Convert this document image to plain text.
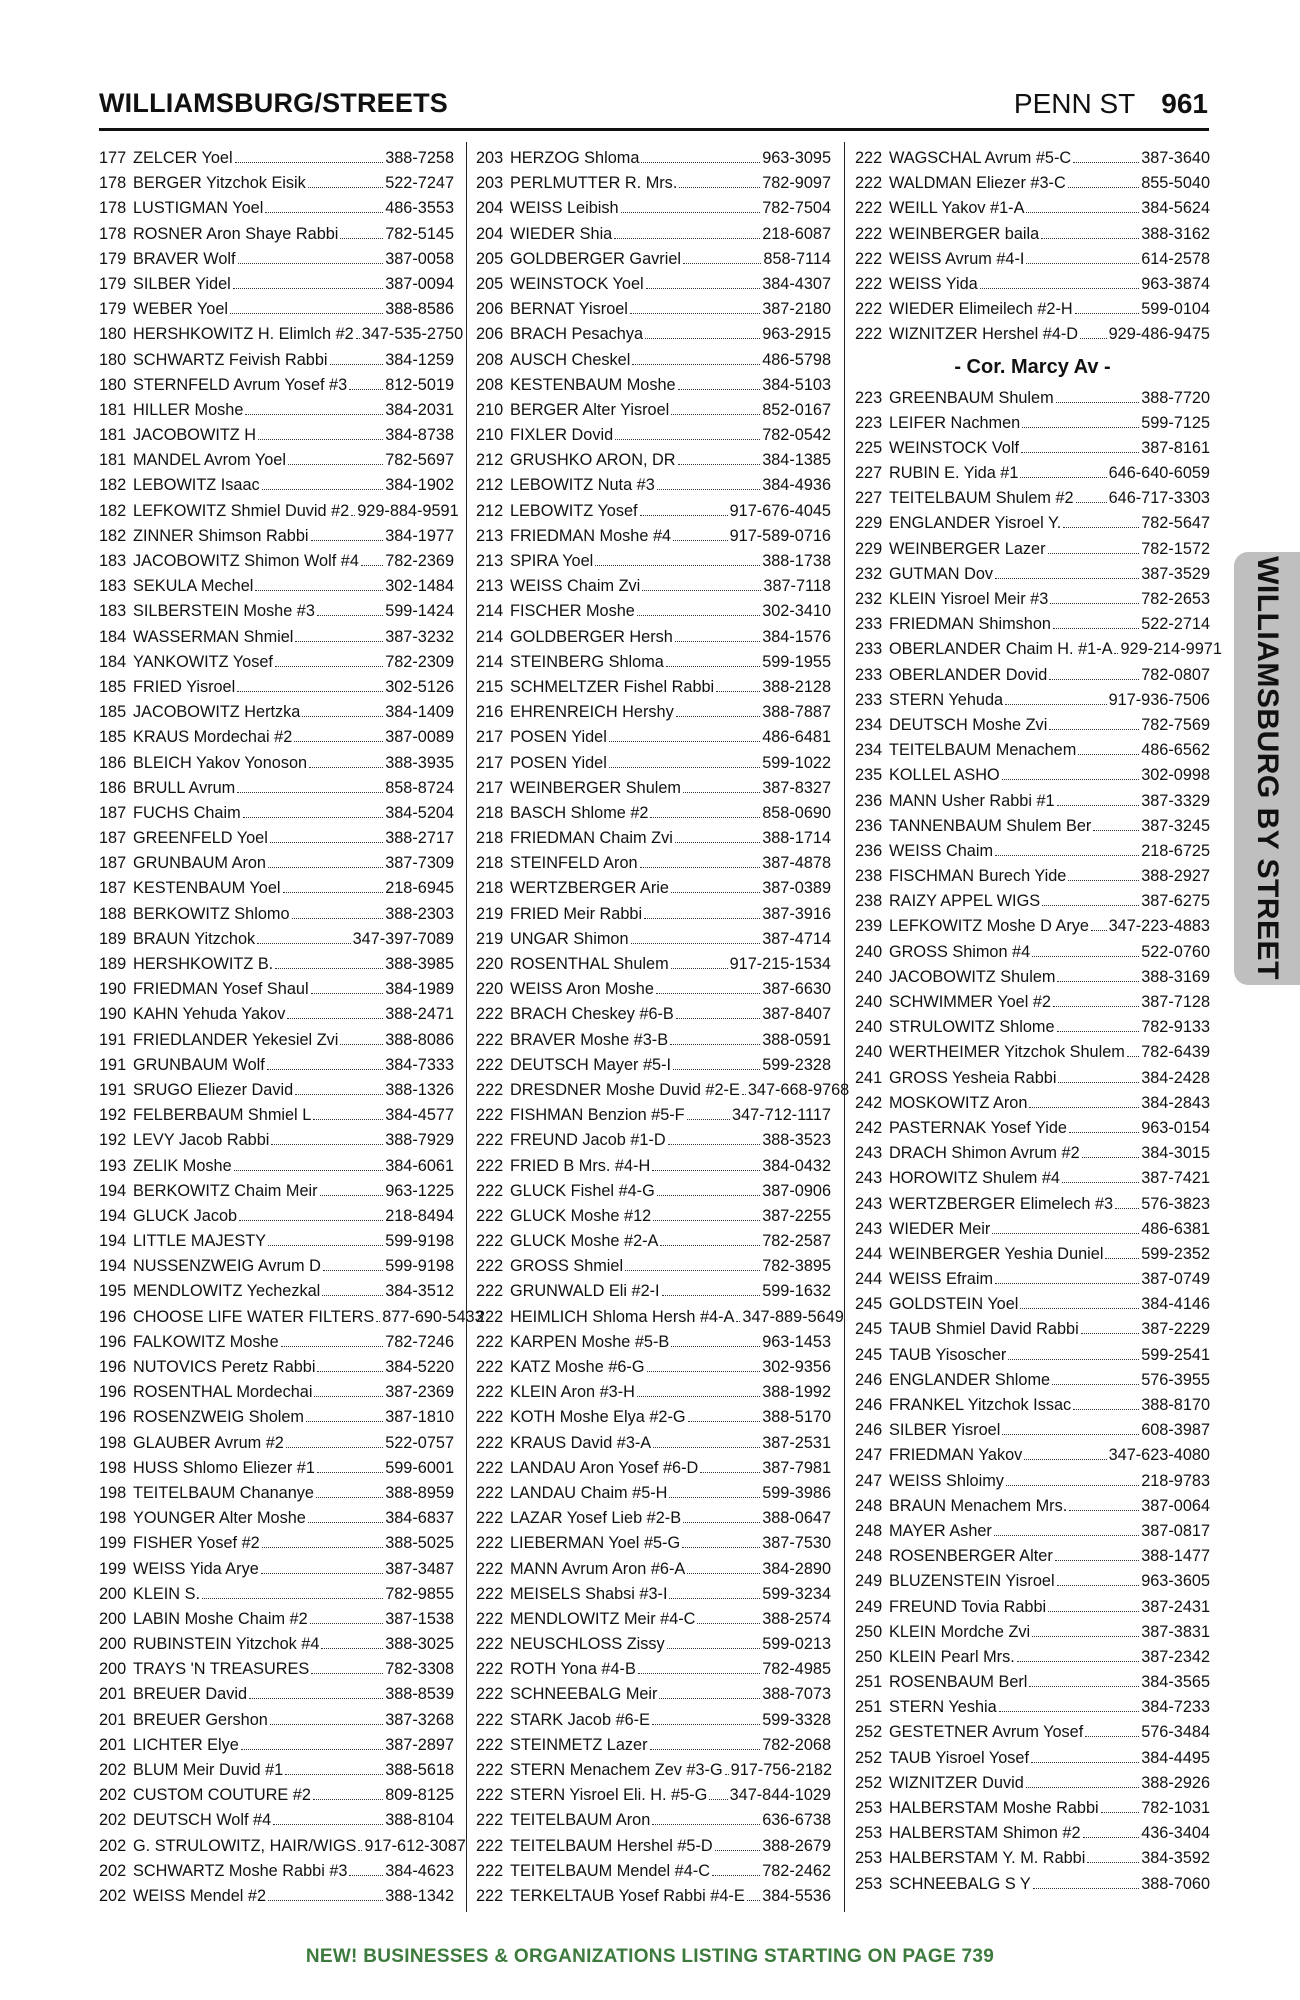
WILLIAMSBURG/STREETS	PENN ST 961
177 ZELCER Yoel	388-7258
178 BERGER Yitzchok Eisik	522-7247
178 LUSTIGMAN Yoel	486-3553
178 ROSNER Aron Shaye Rabbi	782-5145
179 BRAVER Wolf	387-0058
179 SILBER Yidel	387-0094
179 WEBER Yoel	388-8586
180 HERSHKOWITZ H. Elimlch #2 347-535-2750
180 SCHWARTZ Feivish Rabbi	384-1259
180 STERNFELD Avrum Yosef #3 812-5019
181 HILLER Moshe	384-2031
181 JACOBOWITZ H	384-8738
181 MANDEL Avrom Yoel	782-5697
182 LEBOWITZ Isaac	384-1902
182 LEFKOWITZ Shmiel Duvid #2 929-884-9591
182 ZINNER Shimson Rabbi	384-1977
183 JACOBOWITZ Shimon Wolf #4 782-2369
183 SEKULA Mechel	302-1484
183 SILBERSTEIN Moshe #3	599-1424
184 WASSERMAN Shmiel	387-3232
184 YANKOWITZ Yosef	782-2309
185 FRIED Yisroel	302-5126
185 JACOBOWITZ Hertzka	384-1409
185 KRAUS Mordechai #2	387-0089
186 BLEICH Yakov Yonoson	388-3935
186 BRULL Avrum	858-8724
187 FUCHS Chaim	384-5204
187 GREENFELD Yoel	388-2717
187 GRUNBAUM Aron	387-7309
187 KESTENBAUM Yoel	218-6945
188 BERKOWITZ Shlomo	388-2303
189 BRAUN Yitzchok	347-397-7089
189 HERSHKOWITZ B.	388-3985
190 FRIEDMAN Yosef Shaul	384-1989
190 KAHN Yehuda Yakov	388-2471
191 FRIEDLANDER Yekesiel Zvi	388-8086
191 GRUNBAUM Wolf	384-7333
191 SRUGO Eliezer David	388-1326
192 FELBERBAUM Shmiel L	384-4577
192 LEVY Jacob Rabbi	388-7929
193 ZELIK Moshe	384-6061
194 BERKOWITZ Chaim Meir	963-1225
194 GLUCK Jacob	218-8494
194 LITTLE MAJESTY	599-9198
194 NUSSENZWEIG Avrum D	599-9198
195 MENDLOWITZ Yechezkal	384-3512
196 CHOOSE LIFE WATER FILTERS 877-690-5433
196 FALKOWITZ Moshe	782-7246
196 NUTOVICS Peretz Rabbi	384-5220
196 ROSENTHAL Mordechai	387-2369
196 ROSENZWEIG Sholem	387-1810
198 GLAUBER Avrum #2	522-0757
198 HUSS Shlomo Eliezer #1	599-6001
198 TEITELBAUM Chananye	388-8959
198 YOUNGER Alter Moshe	384-6837
199 FISHER Yosef #2	388-5025
199 WEISS Yida Arye	387-3487
200 KLEIN S.	782-9855
200 LABIN Moshe Chaim #2	387-1538
200 RUBINSTEIN Yitzchok #4	388-3025
200 TRAYS 'N TREASURES	782-3308
201 BREUER David	388-8539
201 BREUER Gershon	387-3268
201 LICHTER Elye	387-2897
202 BLUM Meir Duvid #1	388-5618
202 CUSTOM COUTURE #2	809-8125
202 DEUTSCH Wolf #4	388-8104
202 G. STRULOWITZ, HAIR/WIGS 917-612-3087
202 SCHWARTZ Moshe Rabbi #3 384-4623
202 WEISS Mendel #2	388-1342
203 HERZOG Shloma	963-3095
203 PERLMUTTER R. Mrs.	782-9097
204 WEISS Leibish	782-7504
204 WIEDER Shia	218-6087
205 GOLDBERGER Gavriel	858-7114
205 WEINSTOCK Yoel	384-4307
206 BERNAT Yisroel	387-2180
206 BRACH Pesachya	963-2915
208 AUSCH Cheskel	486-5798
208 KESTENBAUM Moshe	384-5103
210 BERGER Alter Yisroel	852-0167
210 FIXLER Dovid	782-0542
212 GRUSHKO ARON, DR	384-1385
212 LEBOWITZ Nuta #3	384-4936
212 LEBOWITZ Yosef	917-676-4045
213 FRIEDMAN Moshe #4	917-589-0716
213 SPIRA Yoel	388-1738
213 WEISS Chaim Zvi	387-7118
214 FISCHER Moshe	302-3410
214 GOLDBERGER Hersh	384-1576
214 STEINBERG Shloma	599-1955
215 SCHMELTZER Fishel Rabbi	388-2128
216 EHRENREICH Hershy	388-7887
217 POSEN Yidel	486-6481
217 POSEN Yidel	599-1022
217 WEINBERGER Shulem	387-8327
218 BASCH Shlome #2	858-0690
218 FRIEDMAN Chaim Zvi	388-1714
218 STEINFELD Aron	387-4878
218 WERTZBERGER Arie	387-0389
219 FRIED Meir Rabbi	387-3916
219 UNGAR Shimon	387-4714
220 ROSENTHAL Shulem	917-215-1534
220 WEISS Aron Moshe	387-6630
222 BRACH Cheskey #6-B	387-8407
222 BRAVER Moshe #3-B	388-0591
222 DEUTSCH Mayer #5-I	599-2328
222 DRESDNER Moshe Duvid #2-E 347-668-9768
222 FISHMAN Benzion #5-F	347-712-1117
222 FREUND Jacob #1-D	388-3523
222 FRIED B Mrs. #4-H	384-0432
222 GLUCK Fishel #4-G	387-0906
222 GLUCK Moshe #12	387-2255
222 GLUCK Moshe #2-A	782-2587
222 GROSS Shmiel	782-3895
222 GRUNWALD Eli #2-I	599-1632
222 HEIMLICH Shloma Hersh #4-A 347-889-5649
222 KARPEN Moshe #5-B	963-1453
222 KATZ Moshe #6-G	302-9356
222 KLEIN Aron #3-H	388-1992
222 KOTH Moshe Elya #2-G	388-5170
222 KRAUS David #3-A	387-2531
222 LANDAU Aron Yosef #6-D	387-7981
222 LANDAU Chaim #5-H	599-3986
222 LAZAR Yosef Lieb #2-B	388-0647
222 LIEBERMAN Yoel #5-G	387-7530
222 MANN Avrum Aron #6-A	384-2890
222 MEISELS Shabsi #3-I	599-3234
222 MENDLOWITZ Meir #4-C	388-2574
222 NEUSCHLOSS Zissy	599-0213
222 ROTH Yona #4-B	782-4985
222 SCHNEEBALG Meir	388-7073
222 STARK Jacob #6-E	599-3328
222 STEINMETZ Lazer	782-2068
222 STERN Menachem Zev #3-G 917-756-2182
222 STERN Yisroel Eli. H. #5-G 347-844-1029
222 TEITELBAUM Aron	636-6738
222 TEITELBAUM Hershel #5-D	388-2679
222 TEITELBAUM Mendel #4-C	782-2462
222 TERKELTAUB Yosef Rabbi #4-E 384-5536
222 WAGSCHAL Avrum #5-C	387-3640
222 WALDMAN Eliezer #3-C	855-5040
222 WEILL Yakov #1-A	384-5624
222 WEINBERGER baila	388-3162
222 WEISS Avrum #4-I	614-2578
222 WEISS Yida	963-3874
222 WIEDER Elimeilech #2-H	599-0104
222 WIZNITZER Hershel #4-D 929-486-9475
- Cor. Marcy Av -
223 GREENBAUM Shulem	388-7720
223 LEIFER Nachmen	599-7125
225 WEINSTOCK Volf	387-8161
227 RUBIN E. Yida #1	646-640-6059
227 TEITELBAUM Shulem #2 646-717-3303
229 ENGLANDER Yisroel Y.	782-5647
229 WEINBERGER Lazer	782-1572
232 GUTMAN Dov	387-3529
232 KLEIN Yisroel Meir #3	782-2653
233 FRIEDMAN Shimshon	522-2714
233 OBERLANDER Chaim H. #1-A 929-214-9971
233 OBERLANDER Dovid	782-0807
233 STERN Yehuda	917-936-7506
234 DEUTSCH Moshe Zvi	782-7569
234 TEITELBAUM Menachem	486-6562
235 KOLLEL ASHO	302-0998
236 MANN Usher Rabbi #1	387-3329
236 TANNENBAUM Shulem Ber	387-3245
236 WEISS Chaim	218-6725
238 FISCHMAN Burech Yide	388-2927
238 RAIZY APPEL WIGS	387-6275
239 LEFKOWITZ Moshe D Arye 347-223-4883
240 GROSS Shimon #4	522-0760
240 JACOBOWITZ Shulem	388-3169
240 SCHWIMMER Yoel #2	387-7128
240 STRULOWITZ Shlome	782-9133
240 WERTHEIMER Yitzchok Shulem 782-6439
241 GROSS Yesheia Rabbi	384-2428
242 MOSKOWITZ Aron	384-2843
242 PASTERNAK Yosef Yide	963-0154
243 DRACH Shimon Avrum #2	384-3015
243 HOROWITZ Shulem #4	387-7421
243 WERTZBERGER Elimelech #3 576-3823
243 WIEDER Meir	486-6381
244 WEINBERGER Yeshia Duniel 599-2352
244 WEISS Efraim	387-0749
245 GOLDSTEIN Yoel	384-4146
245 TAUB Shmiel David Rabbi	387-2229
245 TAUB Yisoscher	599-2541
246 ENGLANDER Shlome	576-3955
246 FRANKEL Yitzchok Issac	388-8170
246 SILBER Yisroel	608-3987
247 FRIEDMAN Yakov	347-623-4080
247 WEISS Shloimy	218-9783
248 BRAUN Menachem Mrs.	387-0064
248 MAYER Asher	387-0817
248 ROSENBERGER Alter	388-1477
249 BLUZENSTEIN Yisroel	963-3605
249 FREUND Tovia Rabbi	387-2431
250 KLEIN Mordche Zvi	387-3831
250 KLEIN Pearl Mrs.	387-2342
251 ROSENBAUM Berl	384-3565
251 STERN Yeshia	384-7233
252 GESTETNER Avrum Yosef	576-3484
252 TAUB Yisroel Yosef	384-4495
252 WIZNITZER Duvid	388-2926
253 HALBERSTAM Moshe Rabbi	782-1031
253 HALBERSTAM Shimon #2	436-3404
253 HALBERSTAM Y. M. Rabbi	384-3592
253 SCHNEEBALG S Y	388-7060
WILLIAMSBURG BY STREET
NEW! BUSINESSES & ORGANIZATIONS LISTING STARTING ON PAGE 739
